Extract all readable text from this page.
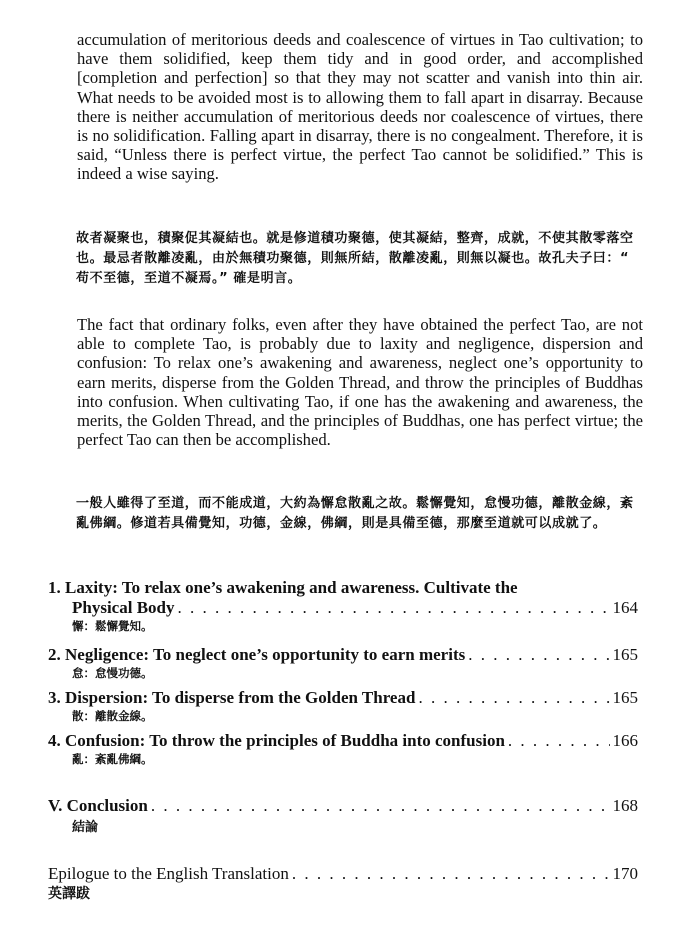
accumulation of meritorious deeds and coalescence of virtues in Tao cultivation; to have them solidified, keep them tidy and in good order, and accomplished [completion and perfection] so that they may not scatter and vanish into thin air. What needs to be avoided most is to allowing them to fall apart in disarray. Because there is neither accumulation of meritorious deeds nor coalescence of virtues, there is no solidification. Falling apart in disarray, there is no congealment. Therefore, it is said, “Unless there is perfect virtue, the perfect Tao cannot be solidified.” This is indeed a wise saying.

故者凝聚也，積聚促其凝結也。就是修道積功聚德，使其凝結，整齊，成就，不使其散零落空也。最忌者散離凌亂，由於無積功聚德，則無所結，散離凌亂，則無以凝也。故孔夫子曰：“ 苟不至德，至道不凝焉。” 確是明言。

The fact that ordinary folks, even after they have obtained the perfect Tao, are not able to complete Tao, is probably due to laxity and negligence, dispersion and confusion: To relax one’s awakening and awareness, neglect one’s opportunity to earn merits, disperse from the Golden Thread, and throw the principles of Buddhas into confusion. When cultivating Tao, if one has the awakening and awareness, the merits, the Golden Thread, and the principles of Buddhas, one has perfect virtue; the perfect Tao can then be accomplished.

一般人雖得了至道，而不能成道，大約為懈怠散亂之故。鬆懈覺知，怠慢功德，離散金線，紊亂佛綱。修道若具備覺知，功德，金線，佛綱，則是具備至德，那麼至道就可以成就了。

1. Laxity: To relax one’s awakening and awareness. Cultivate the
Physical Body . . .	164
懈：鬆懈覺知。
2.
Negligence: To neglect one’s opportunity to earn merits . . .	165
怠：怠慢功德。
3.
Dispersion: To disperse from the Golden Thread . . .	165
散：離散金線。
4.
Confusion: To throw the principles of Buddha into confusion . . .	166
亂：紊亂佛綱。
V.
Conclusion . . .	168
結論
Epilogue to the English Translation . . .	170
英譯跋
